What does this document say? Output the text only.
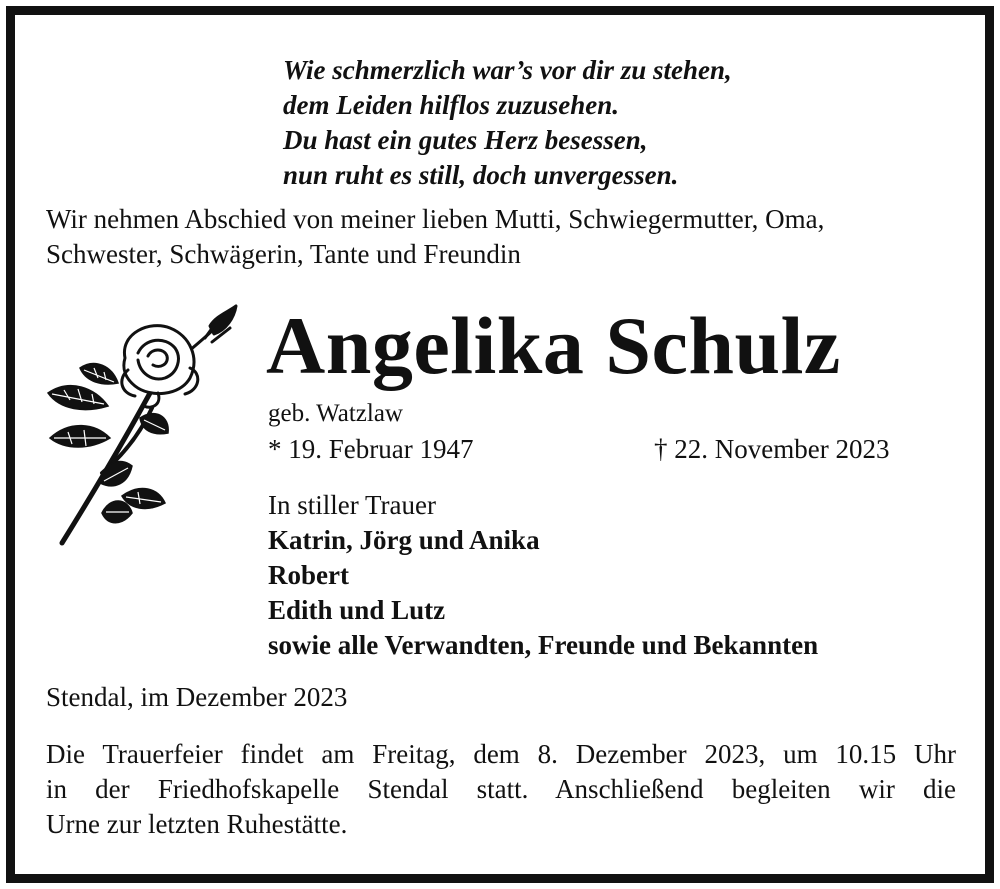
Wie schmerzlich war’s vor dir zu stehen,
dem Leiden hilflos zuzusehen.
Du hast ein gutes Herz besessen,
nun ruht es still, doch unvergessen.
Wir nehmen Abschied von meiner lieben Mutti, Schwiegermutter, Oma,
Schwester, Schwägerin, Tante und Freundin
Angelika Schulz
geb. Watzlaw
* 19. Februar 1947	† 22. November 2023
In stiller Trauer
Katrin, Jörg und Anika
Robert
Edith und Lutz
sowie alle Verwandten, Freunde und Bekannten
Stendal, im Dezember 2023
Die Trauerfeier findet am Freitag, dem 8. Dezember 2023, um 10.15 Uhr
in der Friedhofskapelle Stendal statt. Anschließend begleiten wir die
Urne zur letzten Ruhestätte.
